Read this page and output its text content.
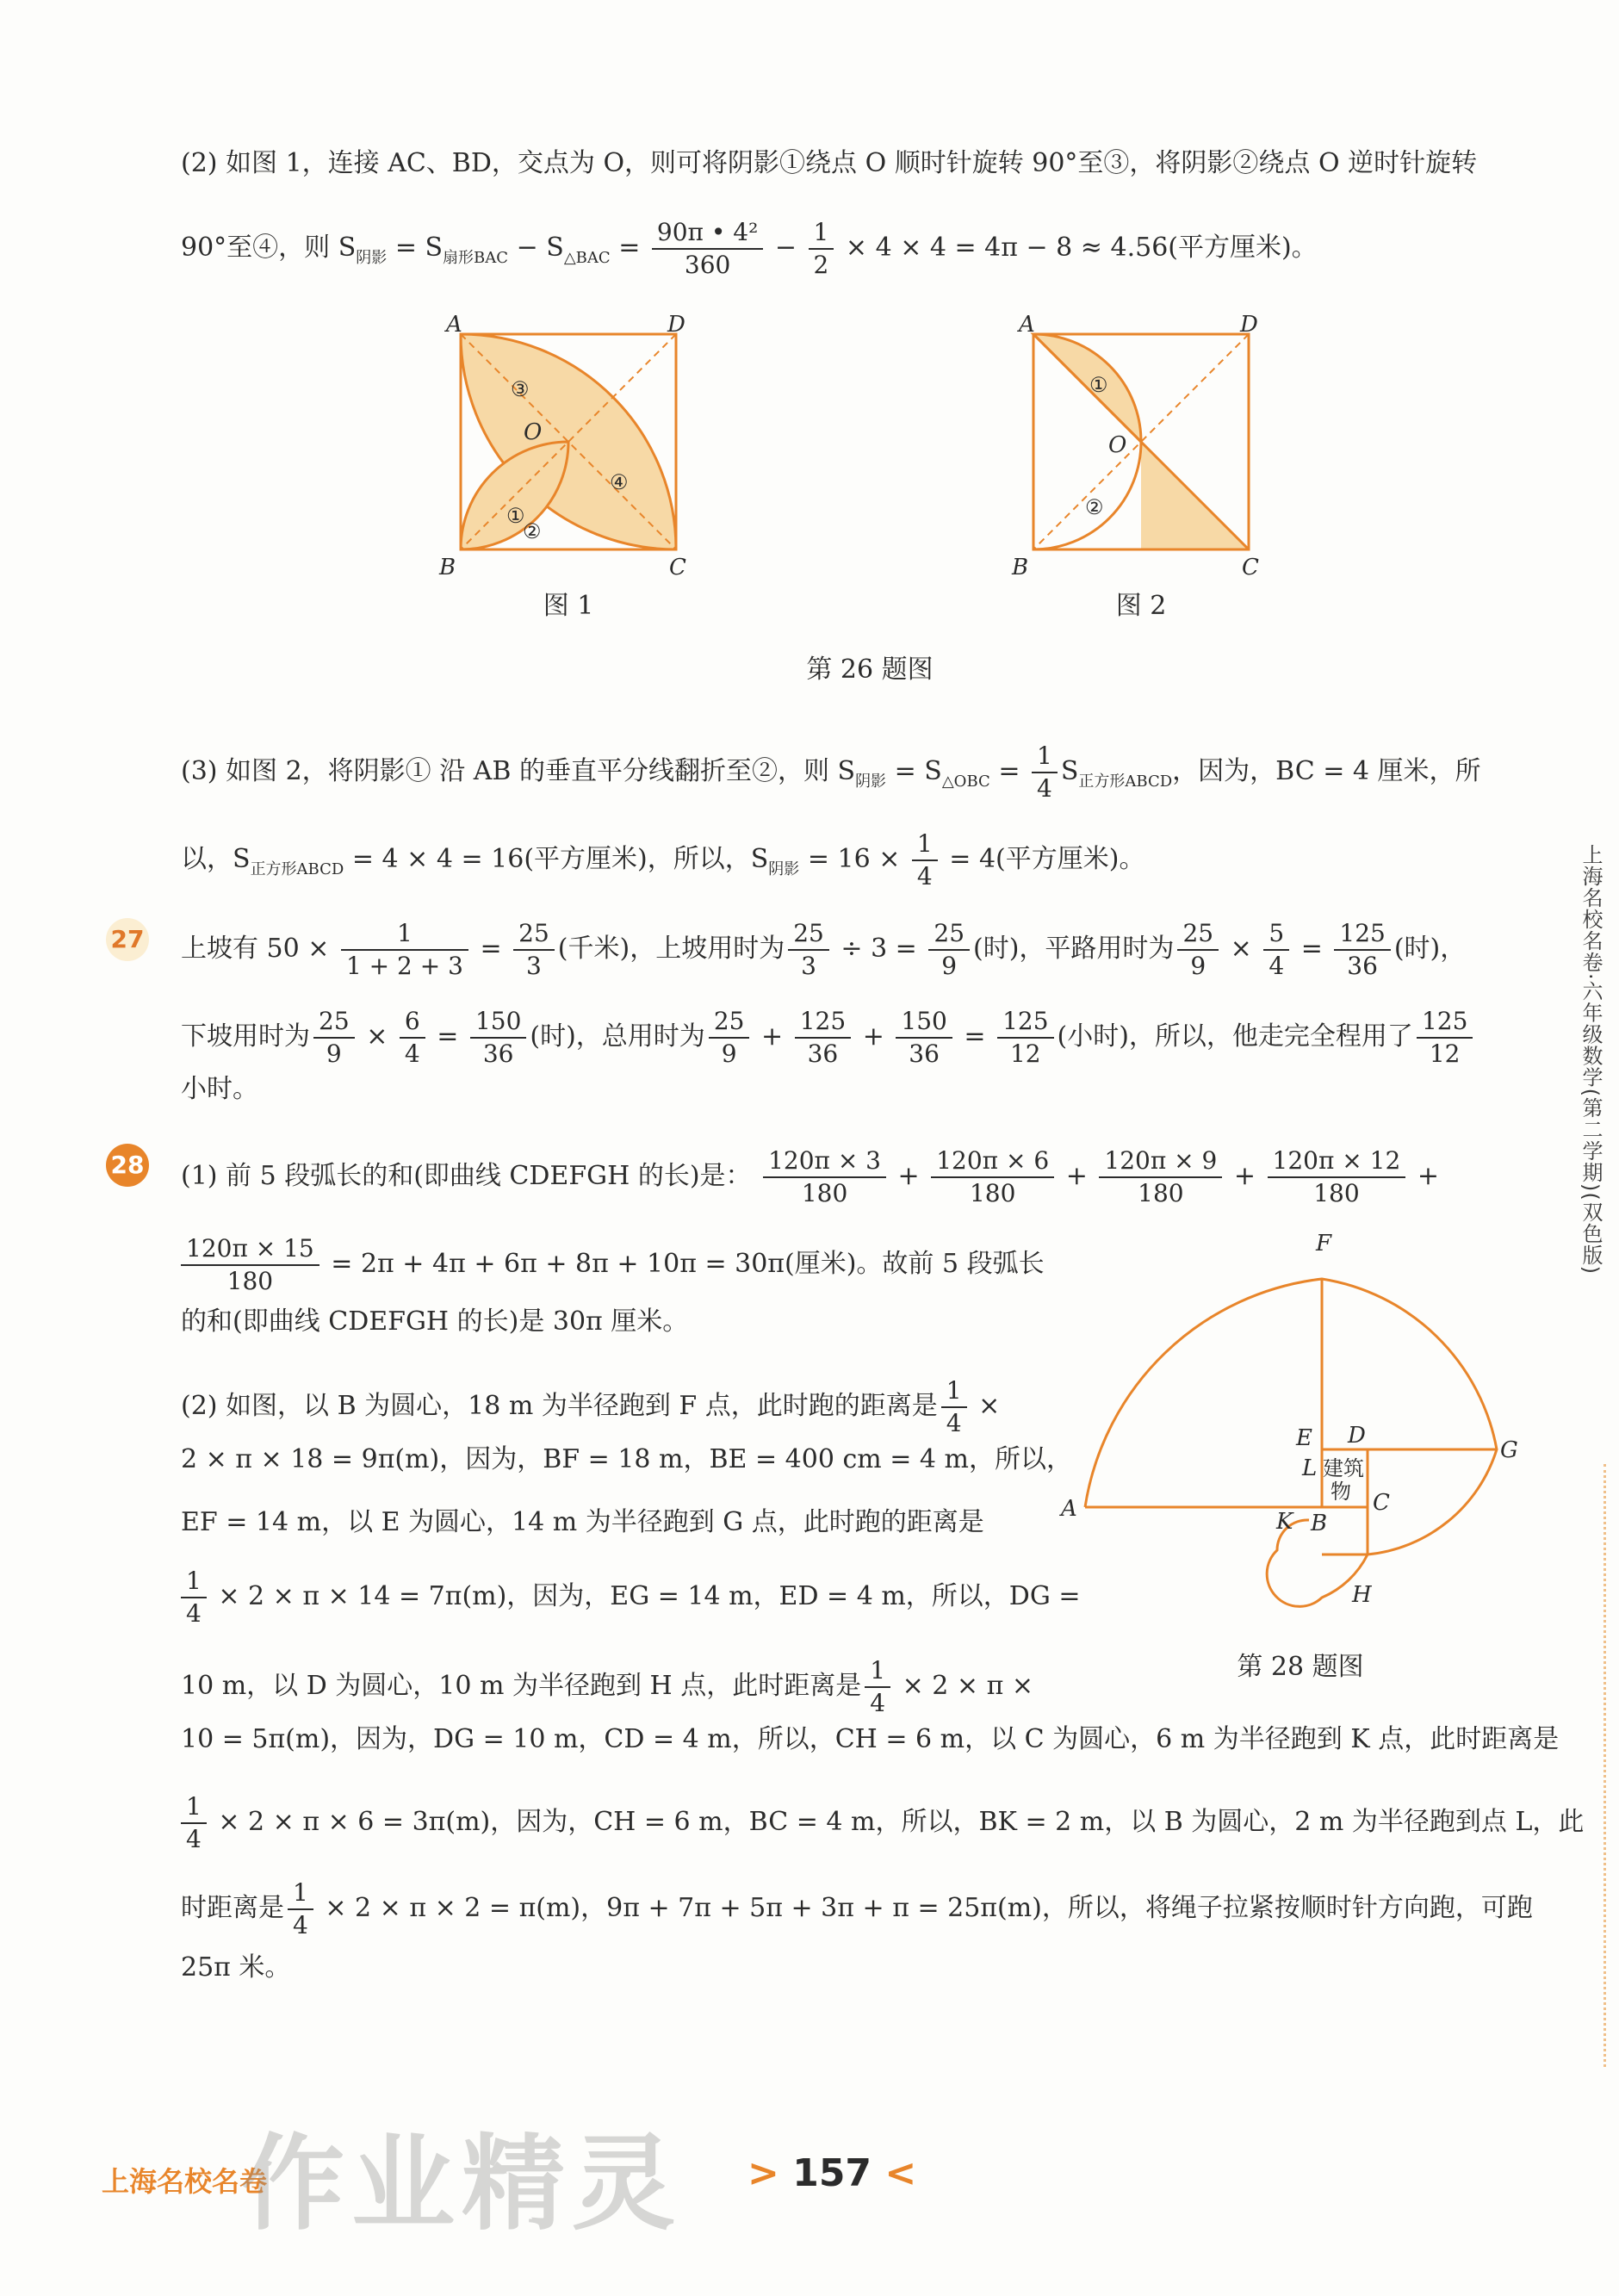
(2) 如图 1，连接 AC、BD，交点为 O，则可将阴影①绕点 O 顺时针旋转 90°至③，将阴影②绕点 O 逆时针旋转
90°至④，则 $S_{阴影} = S_{扇形BAC} - S_{\triangle BAC} = \frac{\text{90π • 4²}}{360} - \frac{1}{2} \times 4 \times 4 = 4\pi - 8 \approx 4.56$(平方厘米)。
A	D
B	C
O
①
②
③
④
图 1
A	D
B	C
O
①
②
图 2
第 26 题图
(3) 如图 2，将阴影① 沿 AB 的垂直平分线翻折至②，则 $S_{阴影} = S_{\triangle OBC} = \frac{1}{4} S_{正方形ABCD}$，因为，BC = 4 厘米，所
以，$S_{正方形ABCD} = 4 \times 4 = 16$(平方厘米)，所以，$S_{阴影} = 16 \times \frac{1}{4} = 4$(平方厘米)。
27 上坡有 $50 \times \frac{1}{1 + 2 + 3} = \frac{25}{3}$ (千米)，上坡用时为 $\frac{25}{3} \div 3 = \frac{25}{9}$ (时)，平路用时为 $\frac{25}{9} \times \frac{5}{4} = \frac{125}{36}$ (时)，
下坡用时为 $\frac{25}{9} \times \frac{6}{4} = \frac{150}{36}$ (时)，总用时为 $\frac{25}{9} + \frac{125}{36} + \frac{150}{36} = \frac{125}{12}$ (小时)，所以，他走完全程用了 $\frac{125}{12}$
小时。
28 (1) 前 5 段弧长的和(即曲线 CDEFGH 的长)是： $\frac{120\pi \times 3}{180} + \frac{120\pi \times 6}{180} + \frac{120\pi \times 9}{180} + \frac{120\pi \times 12}{180}$ +
$\frac{120\pi \times 15}{180} = 2\pi + 4\pi + 6\pi + 8\pi + 10\pi = 30\pi$(厘米)。故前 5 段弧长
的和(即曲线 CDEFGH 的长)是 30π 厘米。
(2) 如图，以 B 为圆心，18 m 为半径跑到 F 点，此时跑的距离是 $\frac{1}{4}$ ×
2 × π × 18 = 9π(m)，因为，BF = 18 m，BE = 400 cm = 4 m，所以，
EF = 14 m，以 E 为圆心，14 m 为半径跑到 G 点，此时跑的距离是
$\frac{1}{4} \times 2 \times \pi \times 14 = 7\pi(m)$，因为，EG = 14 m，ED = 4 m，所以，DG =
10 m，以 D 为圆心，10 m 为半径跑到 H 点，此时距离是 $\frac{1}{4} \times 2 \times \pi$ ×
10 = 5π(m)，因为，DG = 10 m，CD = 4 m，所以，CH = 6 m，以 C 为圆心，6 m 为半径跑到 K 点，此时距离是
$\frac{1}{4} \times 2 \times \pi \times 6 = 3\pi(m)$，因为，CH = 6 m，BC = 4 m，所以，BK = 2 m，以 B 为圆心，2 m 为半径跑到点 L，此
时距离是 $\frac{1}{4} \times 2 \times \pi \times 2 = \pi(m)$，9π + 7π + 5π + 3π + π = 25π(m)，所以，将绳子拉紧按顺时针方向跑，可跑
25π 米。
F
E D
G
L
K B
C
H
A
建筑
物
第 28 题图
上海名校名卷·六年级数学(第二学期)(双色版)
上海名校名卷
作业精灵 > 157 <
